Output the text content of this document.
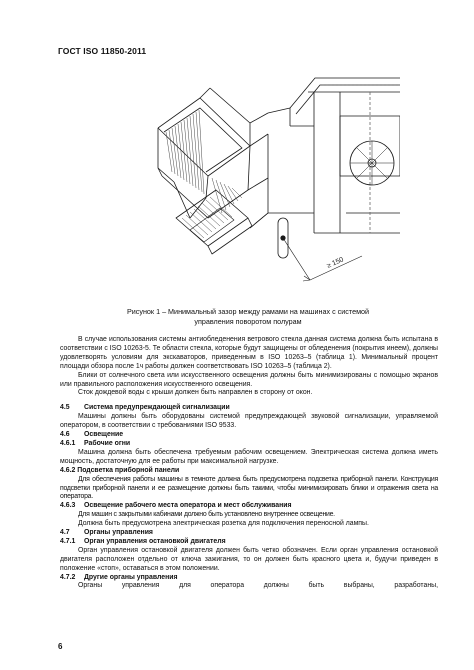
ГОСТ ISO 11850-2011
≥ 150
Рисунок 1 – Минимальный зазор между рамами на машинах с системой
управления поворотом полурам

В случае использования системы антиобледенения ветрового стекла данная система должна быть испытана в соответствии с ISO 10263-5. Те области стекла, которые будут защищены от обледенения (покрытия инеем), должны удовлетворять условиям для экскаваторов, приведенным в ISO 10263–5 (таблица 1). Минимальный процент площади обзора после 1ч работы должен соответствовать ISO 10263–5 (таблица 2).

Блики от солнечного света или искусственного освещения должны быть минимизированы с помощью экранов или правильного расположения искусственного освещения.

Сток дождевой воды с крыши должен быть направлен в сторону от окон.

4.5	Система предупреждающей сигнализации

Машины должны быть оборудованы системой предупреждающей звуковой сигнализации, управляемой оператором, в соответствии с требованиями ISO 9533.

4.6	Освещение
4.6.1	Рабочие огни

Машина должна быть обеспечена требуемым рабочим освещением. Электрическая система должна иметь мощность, достаточную для ее работы при максимальной нагрузке.

4.6.2 Подсветка приборной панели

Для обеспечения работы машины в темноте должна быть предусмотрена подсветка приборной панели. Конструкция подсветки приборной панели и ее размещение должны быть такими, чтобы минимизировать блики и отражения света на оператора.

4.6.3	Освещение рабочего места оператора и мест обслуживания

Для машин с закрытыми кабинами должно быть установлено внутреннее освещение.

Должна быть предусмотрена электрическая розетка для подключения переносной лампы.

4.7	Органы управления
4.7.1	Орган управления остановкой двигателя

Орган управления остановкой двигателя должен быть четко обозначен. Если орган управления остановкой двигателя расположен отдельно от ключа зажигания, то он должен быть красного цвета и, будучи приведен в положение «стоп», оставаться в этом положении.

4.7.2	Другие органы управления

Органы управления для оператора должны быть выбраны, разработаны,

6
